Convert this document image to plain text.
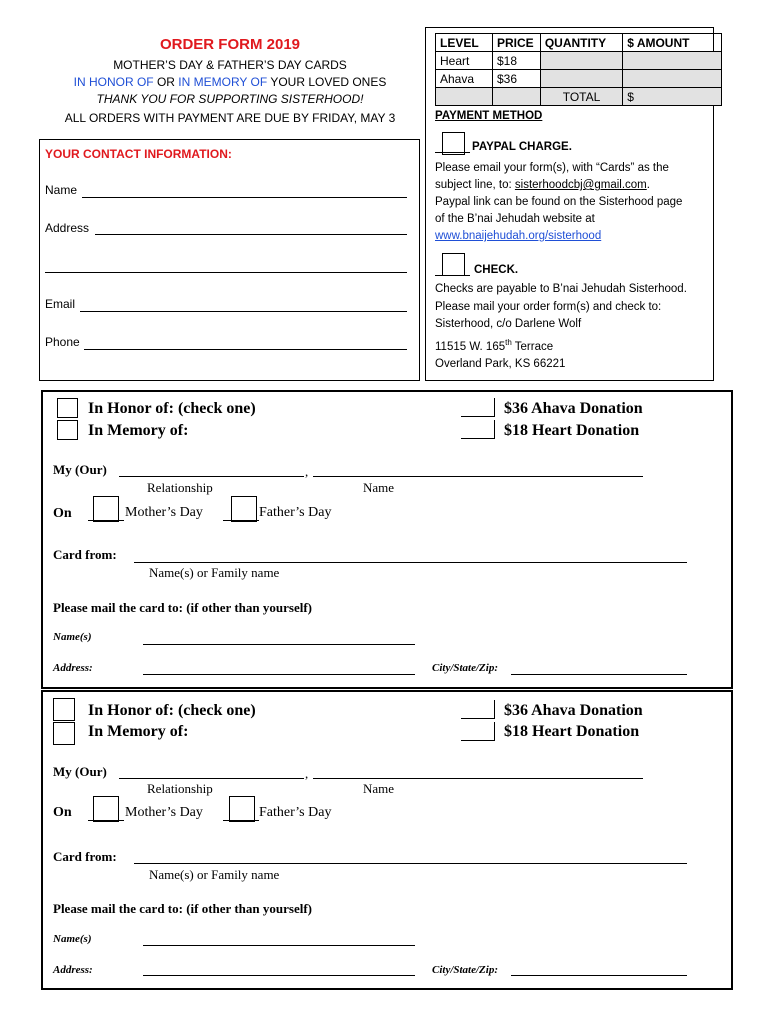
ORDER FORM 2019
MOTHER’S DAY & FATHER’S DAY CARDS
IN HONOR OF OR IN MEMORY OF YOUR LOVED ONES
THANK YOU FOR SUPPORTING SISTERHOOD!
ALL ORDERS WITH PAYMENT ARE DUE BY FRIDAY, MAY 3
YOUR CONTACT INFORMATION:
Name
Address
Email
Phone
LEVEL	PRICE	QUANTITY	$ AMOUNT
Heart	$18		
Ahava	$36		
		TOTAL	$
PAYMENT METHOD
PAYPAL CHARGE.
Please email your form(s), with “Cards” as the
subject line, to: sisterhoodcbj@gmail.com.
Paypal link can be found on the Sisterhood page
of the B’nai Jehudah website at
www.bnaijehudah.org/sisterhood
CHECK.
Checks are payable to B’nai Jehudah Sisterhood.
Please mail your order form(s) and check to:
Sisterhood, c/o Darlene Wolf
11515 W. 165th Terrace
Overland Park, KS 66221
In Honor of: (check one)
In Memory of:
$36 Ahava Donation
$18 Heart Donation
My (Our)	,
Relationship	Name
On	Mother’s Day	Father’s Day
Card from:
Name(s) or Family name
Please mail the card to: (if other than yourself)
Name(s)
Address:	City/State/Zip:
In Honor of: (check one)
In Memory of:
$36 Ahava Donation
$18 Heart Donation
My (Our)	,
Relationship	Name
On	Mother’s Day	Father’s Day
Card from:
Name(s) or Family name
Please mail the card to: (if other than yourself)
Name(s)
Address:	City/State/Zip:
